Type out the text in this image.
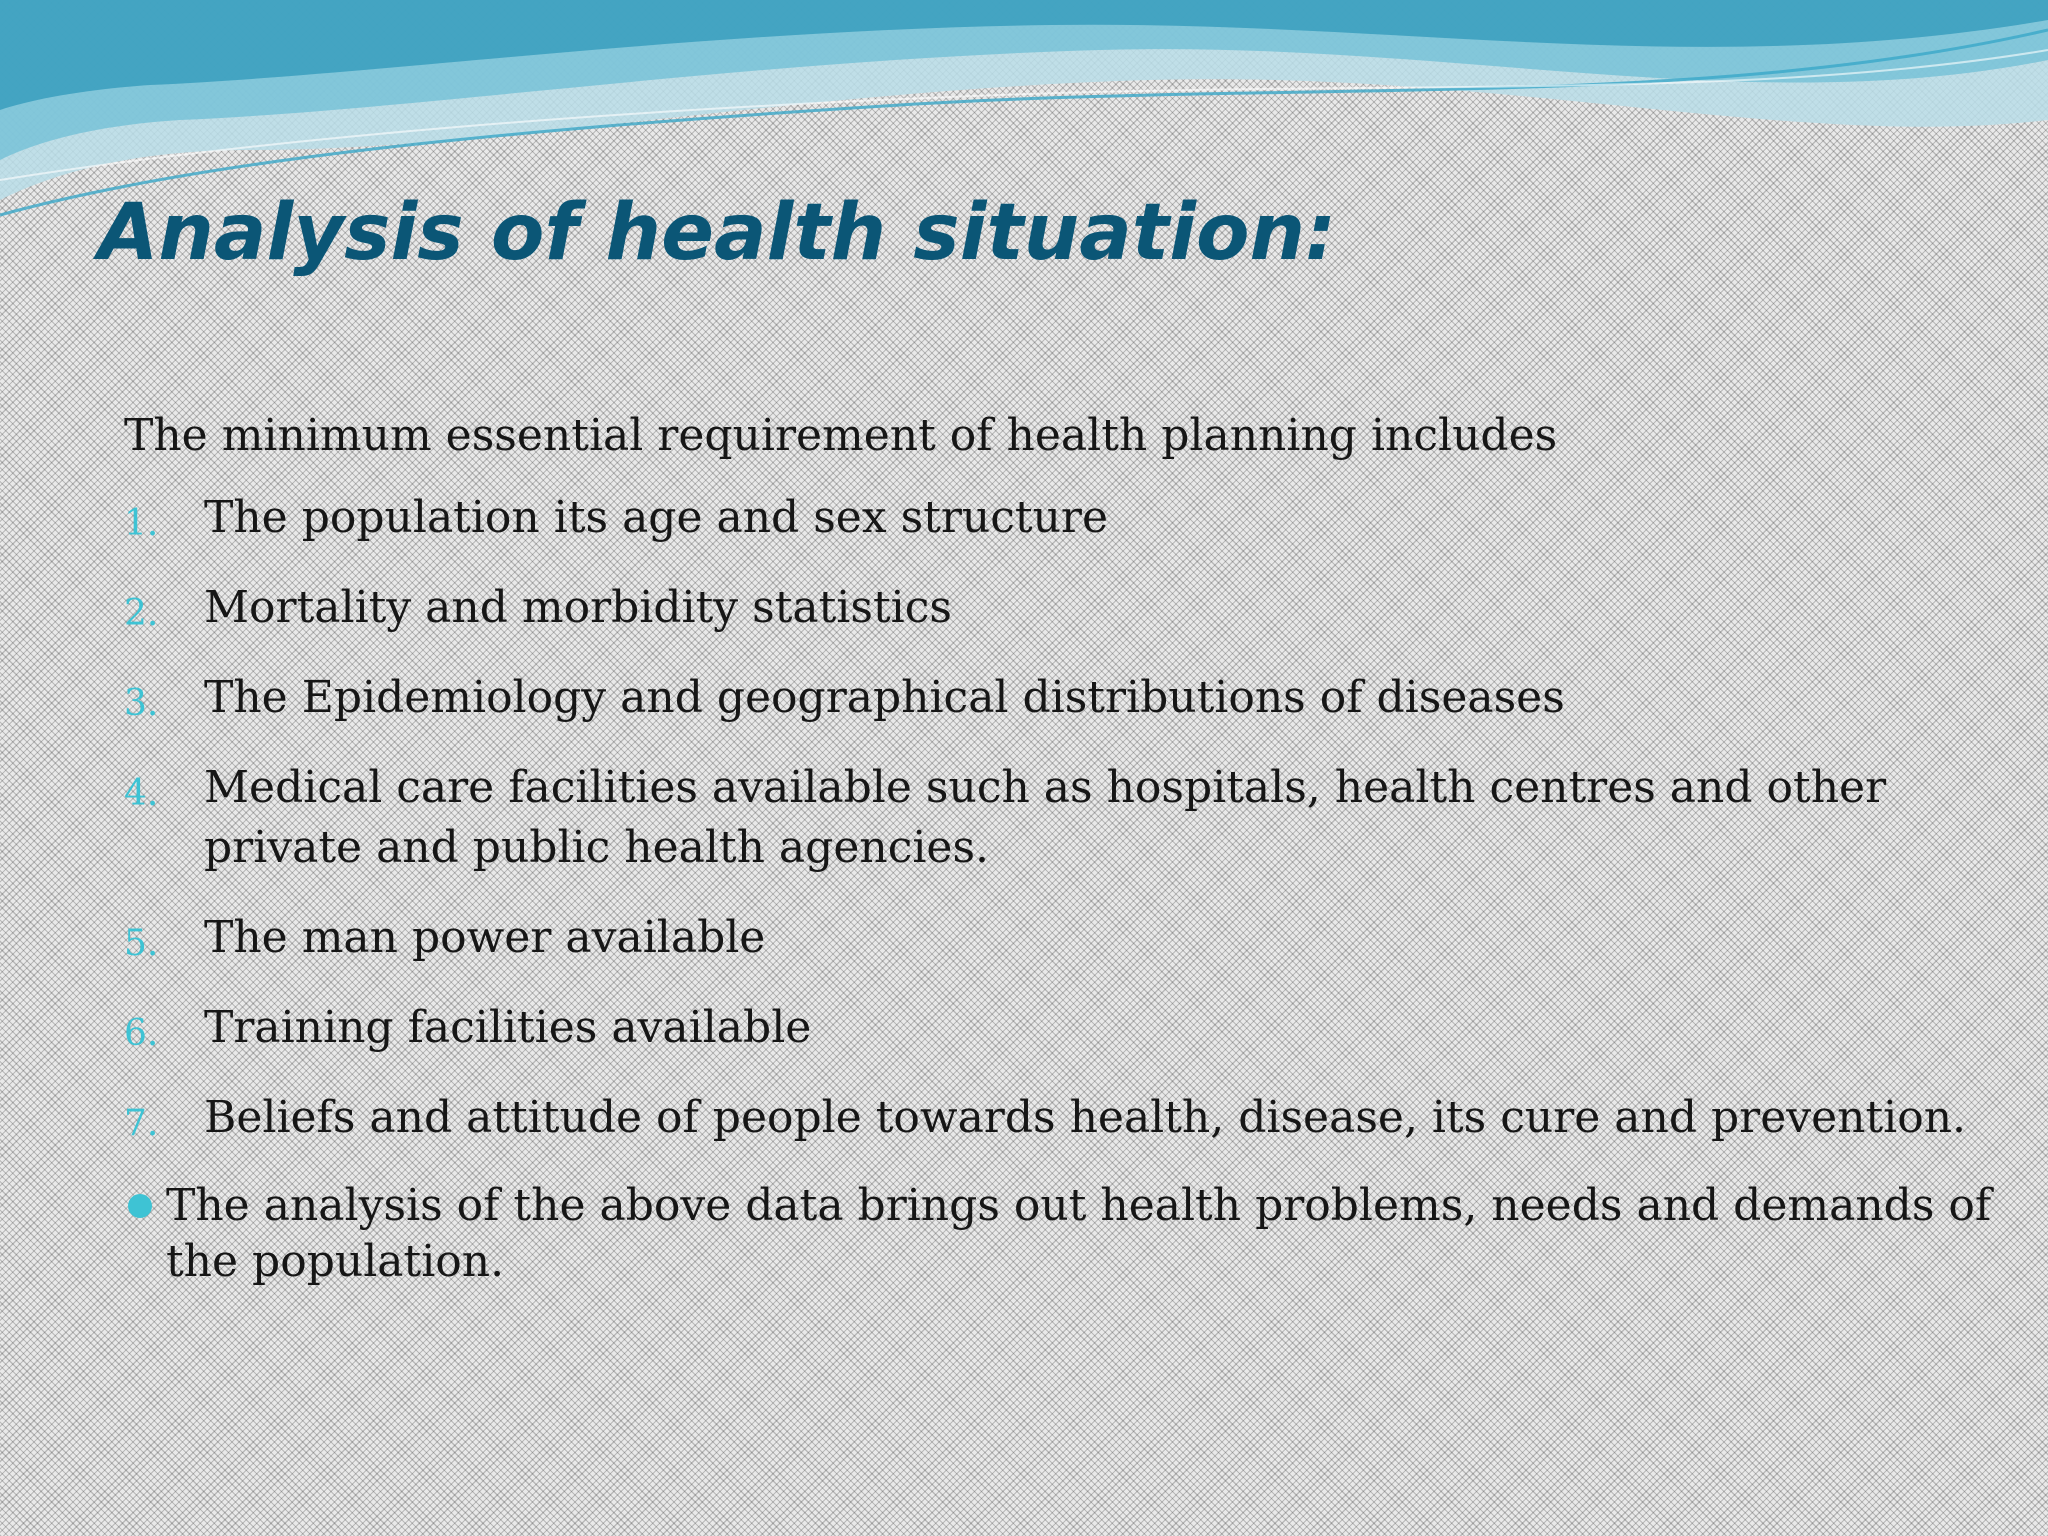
Analysis of health situation:

The minimum essential requirement of health planning includes

1. The population its age and sex structure
2. Mortality and morbidity statistics
3. The Epidemiology and geographical distributions of diseases
4. Medical care facilities available such as hospitals, health centres and other private and public health agencies.
5. The man power available
6. Training facilities available
7. Beliefs and attitude of people towards health, disease, its cure and prevention.

The analysis of the above data brings out health problems, needs and demands of the population.
